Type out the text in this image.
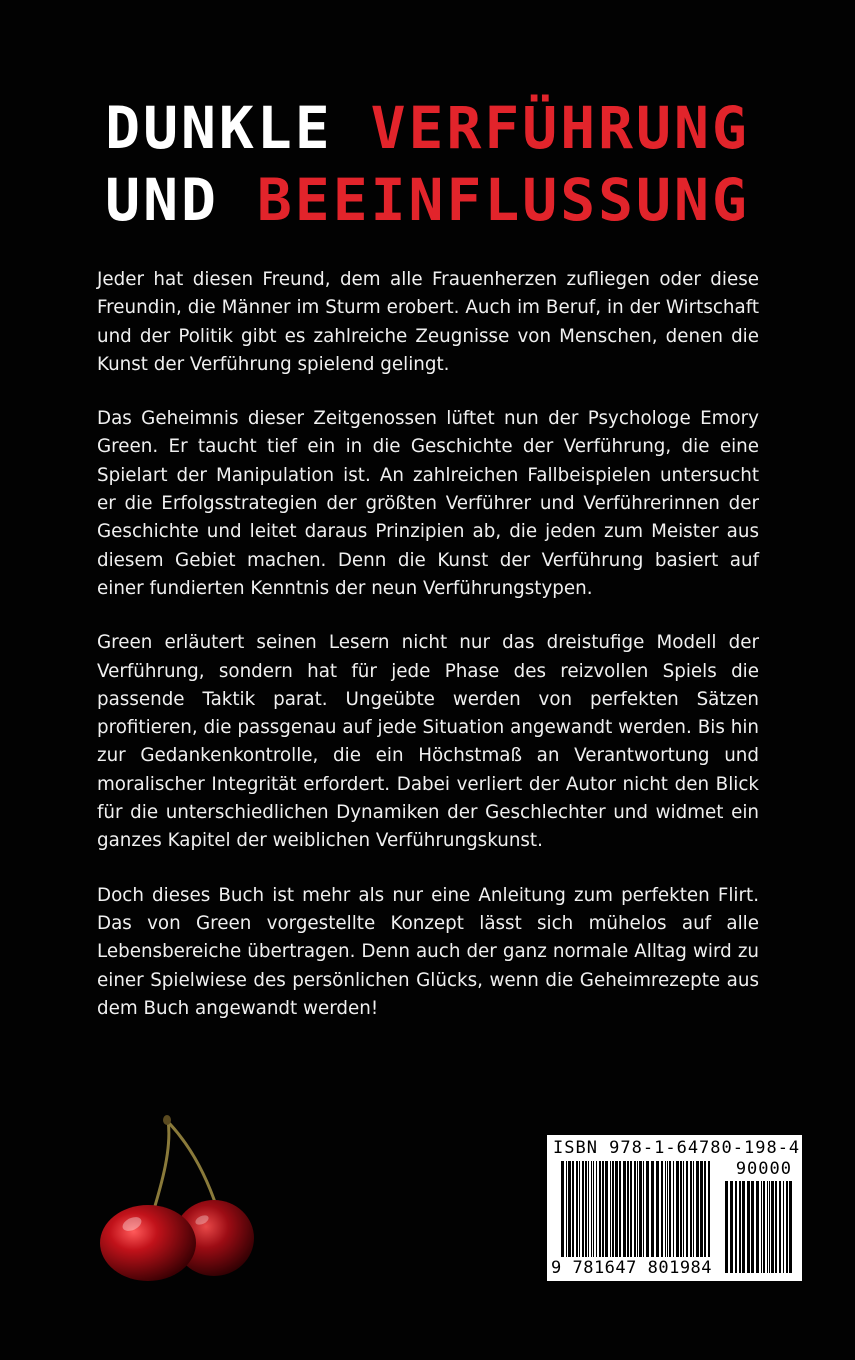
DUNKLE VERFÜHRUNG
UND BEEINFLUSSUNG

Jeder hat diesen Freund, dem alle Frauenherzen zufliegen oder diese Freundin, die Männer im Sturm erobert. Auch im Beruf, in der Wirtschaft und der Politik gibt es zahlreiche Zeugnisse von Menschen, denen die Kunst der Verführung spielend gelingt.

Das Geheimnis dieser Zeitgenossen lüftet nun der Psychologe Emory Green. Er taucht tief ein in die Geschichte der Verführung, die eine Spielart der Manipulation ist. An zahlreichen Fallbeispielen untersucht er die Erfolgsstrategien der größten Verführer und Verführerinnen der Geschichte und leitet daraus Prinzipien ab, die jeden zum Meister aus diesem Gebiet machen. Denn die Kunst der Verführung basiert auf einer fundierten Kenntnis der neun Verführungstypen.

Green erläutert seinen Lesern nicht nur das dreistufige Modell der Verführung, sondern hat für jede Phase des reizvollen Spiels die passende Taktik parat. Ungeübte werden von perfekten Sätzen profitieren, die passgenau auf jede Situation angewandt werden. Bis hin zur Gedankenkontrolle, die ein Höchstmaß an Verantwortung und moralischer Integrität erfordert. Dabei verliert der Autor nicht den Blick für die unterschiedlichen Dynamiken der Geschlechter und widmet ein ganzes Kapitel der weiblichen Verführungskunst.

Doch dieses Buch ist mehr als nur eine Anleitung zum perfekten Flirt. Das von Green vorgestellte Konzept lässt sich mühelos auf alle Lebensbereiche übertragen. Denn auch der ganz normale Alltag wird zu einer Spielwiese des persönlichen Glücks, wenn die Geheimrezepte aus dem Buch angewandt werden!

ISBN 978-1-64780-198-4
90000
9 781647 801984
